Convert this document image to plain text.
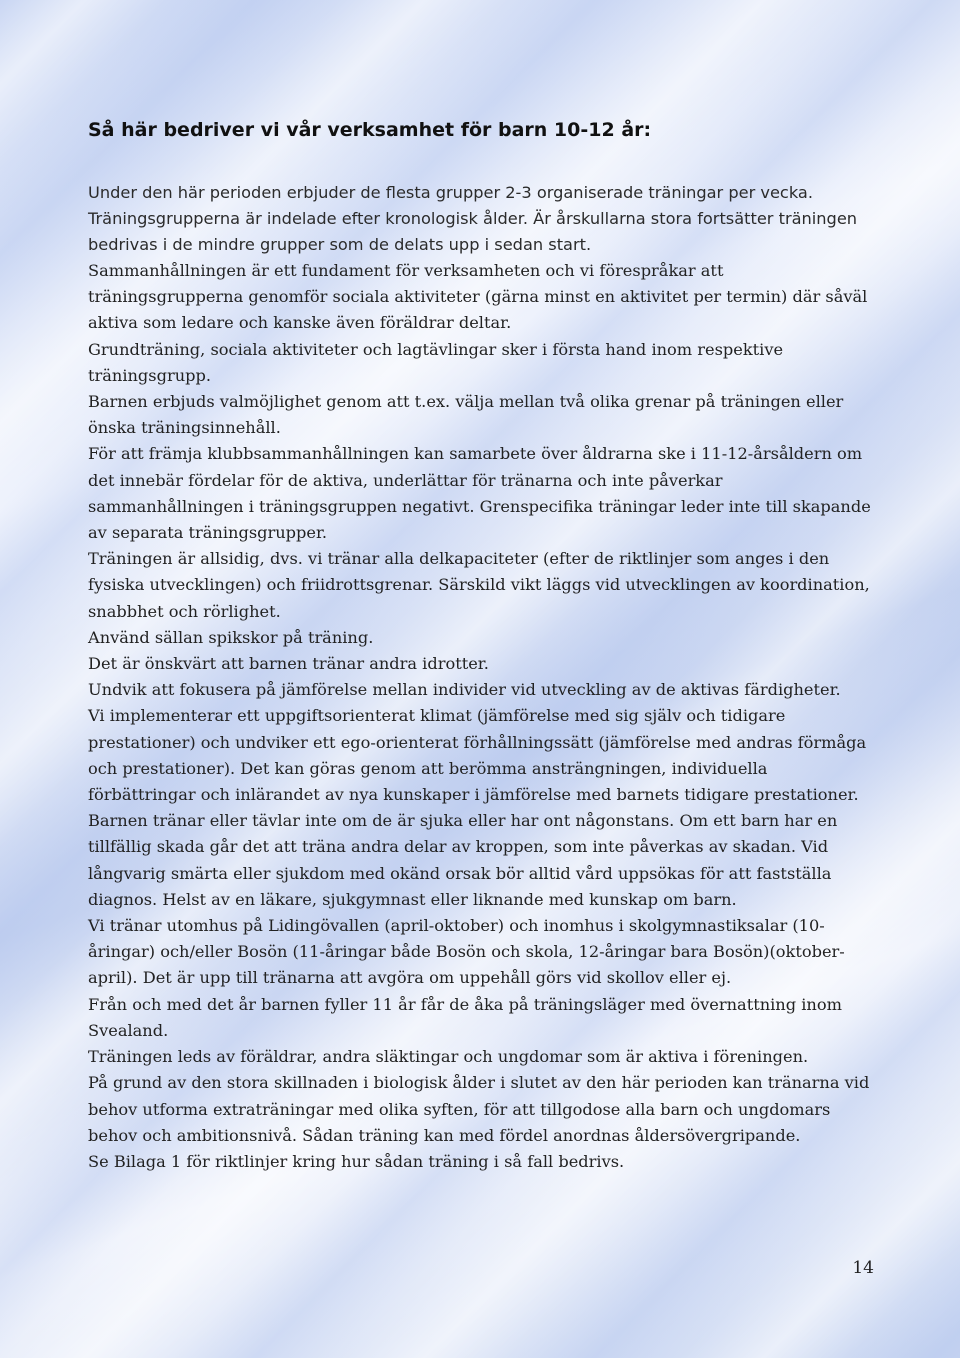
Så här bedriver vi vår verksamhet för barn 10-12 år:

Under den här perioden erbjuder de flesta grupper 2-3 organiserade träningar per vecka. Träningsgrupperna är indelade efter kronologisk ålder. Är årskullarna stora fortsätter träningen bedrivas i de mindre grupper som de delats upp i sedan start.

Sammanhållningen är ett fundament för verksamheten och vi förespråkar att träningsgrupperna genomför sociala aktiviteter (gärna minst en aktivitet per termin) där såväl aktiva som ledare och kanske även föräldrar deltar.

Grundträning, sociala aktiviteter och lagtävlingar sker i första hand inom respektive träningsgrupp.

Barnen erbjuds valmöjlighet genom att t.ex. välja mellan två olika grenar på träningen eller önska träningsinnehåll.

För att främja klubbsammanhållningen kan samarbete över åldrarna ske i 11-12-årsåldern om det innebär fördelar för de aktiva, underlättar för tränarna och inte påverkar sammanhållningen i träningsgruppen negativt. Grenspecifika träningar leder inte till skapande av separata träningsgrupper.

Träningen är allsidig, dvs. vi tränar alla delkapaciteter (efter de riktlinjer som anges i den fysiska utvecklingen) och friidrottsgrenar. Särskild vikt läggs vid utvecklingen av koordination, snabbhet och rörlighet.

Använd sällan spikskor på träning.

Det är önskvärt att barnen tränar andra idrotter.

Undvik att fokusera på jämförelse mellan individer vid utveckling av de aktivas färdigheter.

Vi implementerar ett uppgiftsorienterat klimat (jämförelse med sig själv och tidigare prestationer) och undviker ett ego-orienterat förhållningssätt (jämförelse med andras förmåga och prestationer). Det kan göras genom att berömma ansträngningen, individuella förbättringar och inlärandet av nya kunskaper i jämförelse med barnets tidigare prestationer.

Barnen tränar eller tävlar inte om de är sjuka eller har ont någonstans. Om ett barn har en tillfällig skada går det att träna andra delar av kroppen, som inte påverkas av skadan. Vid långvarig smärta eller sjukdom med okänd orsak bör alltid vård uppsökas för att fastställa diagnos. Helst av en läkare, sjukgymnast eller liknande med kunskap om barn.

Vi tränar utomhus på Lidingövallen (april-oktober) och inomhus i skolgymnastiksalar (10-åringar) och/eller Bosön (11-åringar både Bosön och skola, 12-åringar bara Bosön)(oktober-april). Det är upp till tränarna att avgöra om uppehåll görs vid skollov eller ej.

Från och med det år barnen fyller 11 år får de åka på träningsläger med övernattning inom Svealand.

Träningen leds av föräldrar, andra släktingar och ungdomar som är aktiva i föreningen.

På grund av den stora skillnaden i biologisk ålder i slutet av den här perioden kan tränarna vid behov utforma extraträningar med olika syften, för att tillgodose alla barn och ungdomars behov och ambitionsnivå. Sådan träning kan med fördel anordnas åldersövergripande.

Se Bilaga 1 för riktlinjer kring hur sådan träning i så fall bedrivs.

14
